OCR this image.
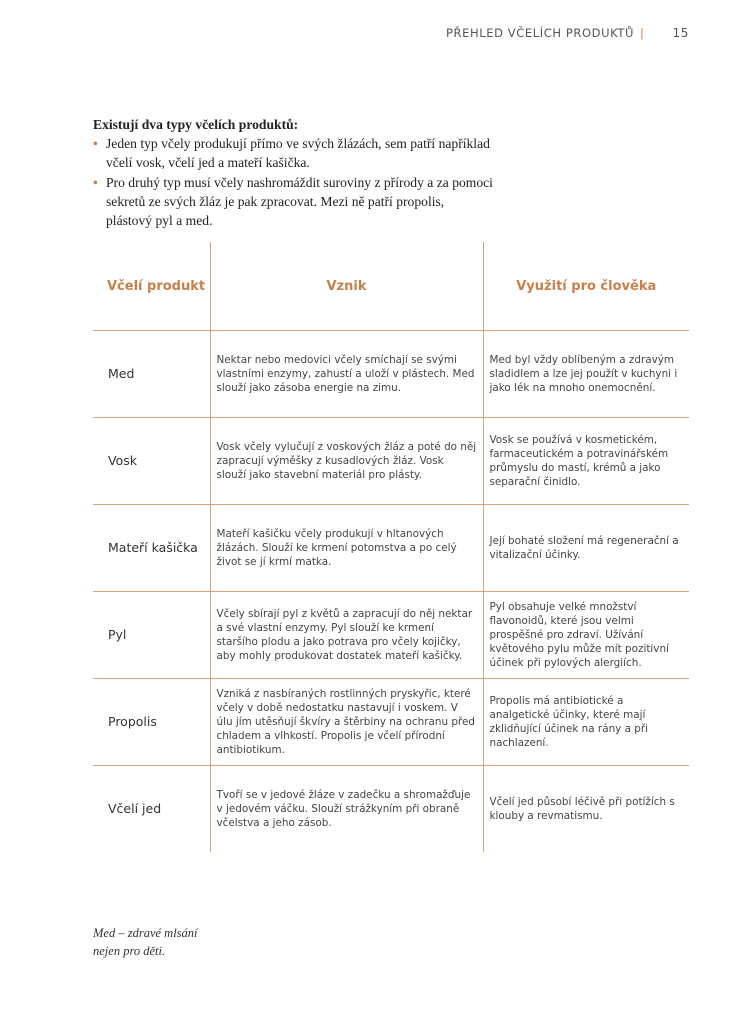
PŘEHLED VČELÍCH PRODUKTŮ | 15
Existují dva typy včelích produktů:
• Jeden typ včely produkují přímo ve svých žlázách, sem patří například včelí vosk, včelí jed a mateří kašička.
• Pro druhý typ musí včely nashromáždit suroviny z přírody a za pomoci sekretů ze svých žláz je pak zpracovat. Mezi ně patří propolis, plástový pyl a med.
Včelí produkt	Vznik	Využití pro člověka
Med	Nektar nebo medovici včely smíchají se svými vlastními enzymy, zahustí a uloží v plástech. Med slouží jako zásoba energie na zimu.	Med byl vždy oblíbeným a zdravým sladidlem a lze jej použít v kuchyni i jako lék na mnoho onemocnění.
Vosk	Vosk včely vylučují z voskových žláz a poté do něj zapracují výměšky z kusadlových žláz. Vosk slouží jako stavební materiál pro plásty.	Vosk se používá v kosmetickém, farmaceutickém a potravinářském průmyslu do mastí, krémů a jako separační činidlo.
Mateří kašička	Mateří kašičku včely produkují v hltanových žlázách. Slouží ke krmení potomstva a po celý život se jí krmí matka.	Její bohaté složení má regenerační a vitalizační účinky.
Pyl	Včely sbírají pyl z květů a zapracují do něj nektar a své vlastní enzymy. Pyl slouží ke krmení staršího plodu a jako potrava pro včely kojičky, aby mohly produkovat dostatek mateří kašičky.	Pyl obsahuje velké množství flavonoidů, které jsou velmi prospěšné pro zdraví. Užívání květového pylu může mít pozitivní účinek při pylových alergiích.
Propolis	Vzniká z nasbíraných rostlinných pryskyřic, které včely v době nedostatku nastavují i voskem. V úlu jím utěsňují škvíry a štěrbiny na ochranu před chladem a vlhkostí. Propolis je včelí přírodní antibiotikum.	Propolis má antibiotické a analgetické účinky, které mají zklidňující účinek na rány a při nachlazení.
Včelí jed	Tvoří se v jedové žláze v zadečku a shromažďuje v jedovém váčku. Slouží strážkyním při obraně včelstva a jeho zásob.	Včelí jed působí léčivě při potížích s klouby a revmatismu.
Med – zdravé mlsání
nejen pro děti.
